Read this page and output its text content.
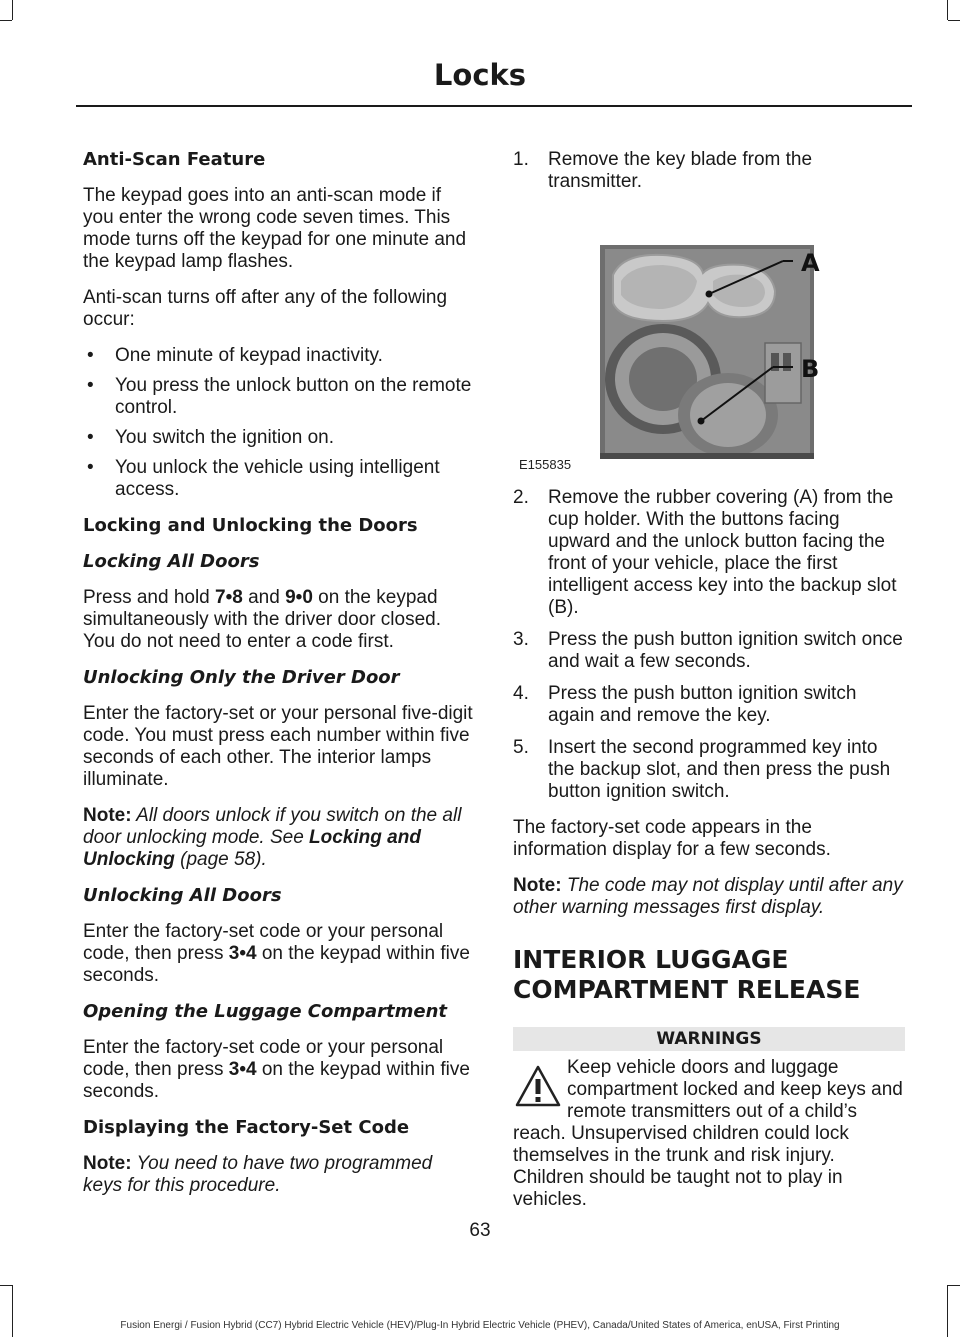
Locks
Anti-Scan Feature

The keypad goes into an anti-scan mode if you enter the wrong code seven times. This mode turns off the keypad for one minute and the keypad lamp flashes.

Anti-scan turns off after any of the following occur:

• One minute of keypad inactivity.
• You press the unlock button on the remote control.
• You switch the ignition on.
• You unlock the vehicle using intelligent access.
Locking and Unlocking the Doors
Locking All Doors

Press and hold 7•8 and 9•0 on the keypad simultaneously with the driver door closed. You do not need to enter a code first.

Unlocking Only the Driver Door

Enter the factory-set or your personal five-digit code. You must press each number within five seconds of each other. The interior lamps illuminate.

Note: All doors unlock if you switch on the all door unlocking mode. See Locking and Unlocking (page 58).

Unlocking All Doors

Enter the factory-set code or your personal code, then press 3•4 on the keypad within five seconds.

Opening the Luggage Compartment

Enter the factory-set code or your personal code, then press 3•4 on the keypad within five seconds.

Displaying the Factory-Set Code

Note: You need to have two programmed keys for this procedure.

1. Remove the key blade from the transmitter.
A
B
E155835
2. Remove the rubber covering (A) from the cup holder. With the buttons facing upward and the unlock button facing the front of your vehicle, place the first intelligent access key into the backup slot (B).
3. Press the push button ignition switch once and wait a few seconds.
4. Press the push button ignition switch again and remove the key.
5. Insert the second programmed key into the backup slot, and then press the push button ignition switch.

The factory-set code appears in the information display for a few seconds.

Note: The code may not display until after any other warning messages first display.

INTERIOR LUGGAGE
COMPARTMENT RELEASE
WARNINGS
Keep vehicle doors and luggage compartment locked and keep keys and remote transmitters out of a child’s reach. Unsupervised children could lock themselves in the trunk and risk injury. Children should be taught not to play in vehicles.
63
Fusion Energi / Fusion Hybrid (CC7) Hybrid Electric Vehicle (HEV)/Plug-In Hybrid Electric Vehicle (PHEV), Canada/United States of America, enUSA, First Printing
